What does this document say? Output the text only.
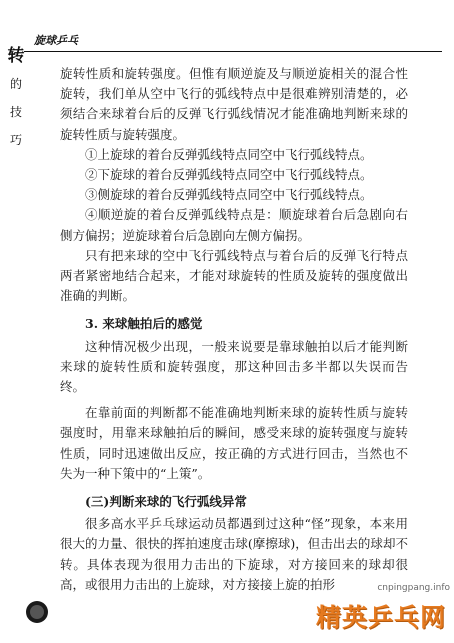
旋球乒乓
转
的
技
巧

旋转性质和旋转强度。但惟有顺逆旋及与顺逆旋相关的混合性旋转，我们单从空中飞行的弧线特点中是很难辨别清楚的，必须结合来球着台后的反弹飞行弧线情况才能准确地判断来球的旋转性质与旋转强度。

①上旋球的着台反弹弧线特点同空中飞行弧线特点。

②下旋球的着台反弹弧线特点同空中飞行弧线特点。

③侧旋球的着台反弹弧线特点同空中飞行弧线特点。

④顺逆旋的着台反弹弧线特点是：顺旋球着台后急剧向右侧方偏拐；逆旋球着台后急剧向左侧方偏拐。

只有把来球的空中飞行弧线特点与着台后的反弹飞行特点两者紧密地结合起来，才能对球旋转的性质及旋转的强度做出准确的判断。

3. 来球触拍后的感觉

这种情况极少出现，一般来说要是靠球触拍以后才能判断来球的旋转性质和旋转强度，那这种回击多半都以失误而告终。

在靠前面的判断都不能准确地判断来球的旋转性质与旋转强度时，用靠来球触拍后的瞬间，感受来球的旋转强度与旋转性质，同时迅速做出反应，按正确的方式进行回击，当然也不失为一种下策中的“上策”。

(三)判断来球的飞行弧线异常

很多高水平乒乓球运动员都遇到过这种“怪”现象，本来用很大的力量、很快的挥拍速度击球(摩擦球)，但击出去的球却不转。具体表现为很用力击出的下旋球，对方接回来的球却很高，或很用力击出的上旋球，对方接接上旋的拍形	cnpingpang.info
精英乒乓网
